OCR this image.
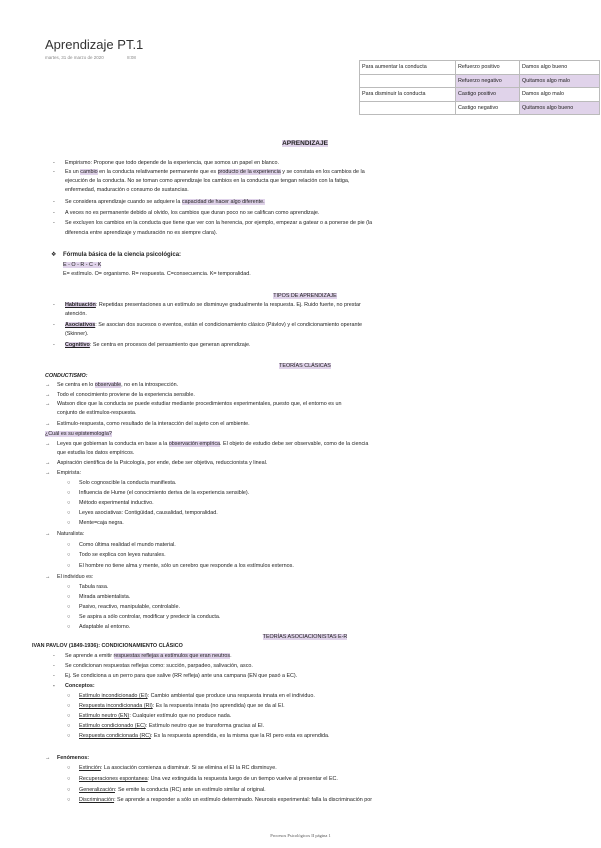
Aprendizaje PT.1
martes, 31 de marzo de 2020	8:08
Para aumentar la conducta	Refuerzo positivo	Damos algo bueno
	Refuerzo negativo	Quitamos algo malo
Para disminuir la conducta	Castigo positivo	Damos algo malo
	Castigo negativo	Quitamos algo bueno
APRENDIZAJE
- Empirismo: Propone que todo depende de la experiencia, que somos un papel en blanco.
- Es un cambio en la conducta relativamente permanente que es producto de la experiencia y se constata en los cambios de la
ejecución de la conducta. No se toman como aprendizaje los cambios en la conducta que tengan relación con la fatiga,
enfermedad, maduración o consumo de sustancias.
- Se considera aprendizaje cuando se adquiere la capacidad de hacer algo diferente.
- A veces no es permanente debido al olvido, los cambios que duran poco no se califican como aprendizaje.
- Se excluyen los cambios en la conducta que tiene que ver con la herencia, por ejemplo, empezar a gatear o a ponerse de pie (la
diferencia entre aprendizaje y maduración no es siempre clara).
❖ Fórmula básica de la ciencia psicológica:
E - O - R - C - K
E= estímulo. O= organismo. R= respuesta. C=consecuencia. K= temporalidad.
TIPOS DE APRENDIZAJE
- Habituación: Repetidas presentaciones a un estímulo se disminuye gradualmente la respuesta. Ej. Ruido fuerte, no prestar
atención.
- Asociativos: Se asocian dos sucesos o eventos, están el condicionamiento clásico (Pávlov) y el condicionamiento operante
(Skinner).
- Cognitivo: Se centra en procesos del pensamiento que generan aprendizaje.
TEORÍAS CLÁSICAS
CONDUCTISMO:
→ Se centra en lo observable, no en la introspección.
→ Todo el conocimiento proviene de la experiencia sensible.
→ Watson dice que la conducta se puede estudiar mediante procedimientos experimentales, puesto que, el entorno es un
conjunto de estímulos-respuesta.
→ Estímulo-respuesta, como resultado de la interacción del sujeto con el ambiente.
¿Cuál es su epistemología?
→ Leyes que gobiernan la conducta en base a la observación empírica. El objeto de estudio debe ser observable, como de la ciencia
que estudia los datos empíricos.
→ Aspiración científica de la Psicología, por ende, debe ser objetiva, reduccionista y lineal.
→ Empirista:
○ Solo cognoscible la conducta manifiesta.
○ Influencia de Hume (el conocimiento deriva de la experiencia sensible).
○ Método experimental inductivo.
○ Leyes asociativas: Contigüidad, causalidad, temporalidad.
○ Mente=caja negra.
→ Naturalista:
○ Como última realidad el mundo material.
○ Todo se explica con leyes naturales.
○ El hombre no tiene alma y mente, sólo un cerebro que responde a los estímulos externos.
→ El individuo es:
○ Tabula rasa.
○ Mirada ambientalista.
○ Pasivo, reactivo, manipulable, controlable.
○ Se aspira a sólo controlar, modificar y predecir la conducta.
○ Adaptable al entorno.
TEORÍAS ASOCIACIONISTAS E-R
IVAN PAVLOV (1849-1936): CONDICIONAMIENTO CLÁSICO
- Se aprende a emitir respuestas reflejas a estímulos que eran neutros.
- Se condicionan respuestas reflejas como: succión, parpadeo, salivación, asco.
- Ej. Se condiciona a un perro para que salive (RR refleja) ante una campana (EN que pasó a EC).
- Conceptos:
○ Estímulo incondicionado (EI): Cambio ambiental que produce una respuesta innata en el individuo.
○ Respuesta incondicionada (RI): Es la respuesta innata (no aprendida) que se da al EI.
○ Estímulo neutro (EN): Cualquier estímulo que no produce nada.
○ Estímulo condicionado (EC): Estímulo neutro que se transforma gracias al EI.
○ Respuesta condicionada (RC): Es la respuesta aprendida, es la misma que la RI pero esta es aprendida.
→ Fenómenos:
○ Extinción: La asociación comienza a disminuir. Si se elimina el EI la RC disminuye.
○ Recuperaciones espontanea: Una vez extinguida la respuesta luego de un tiempo vuelve al presentar el EC.
○ Generalización: Se emite la conducta (RC) ante un estímulo similar al original.
○ Discriminación: Se aprende a responder a sólo un estímulo determinado. Neurosis experimental: falla la discriminación por
Procesos Psicológicos II página 1
